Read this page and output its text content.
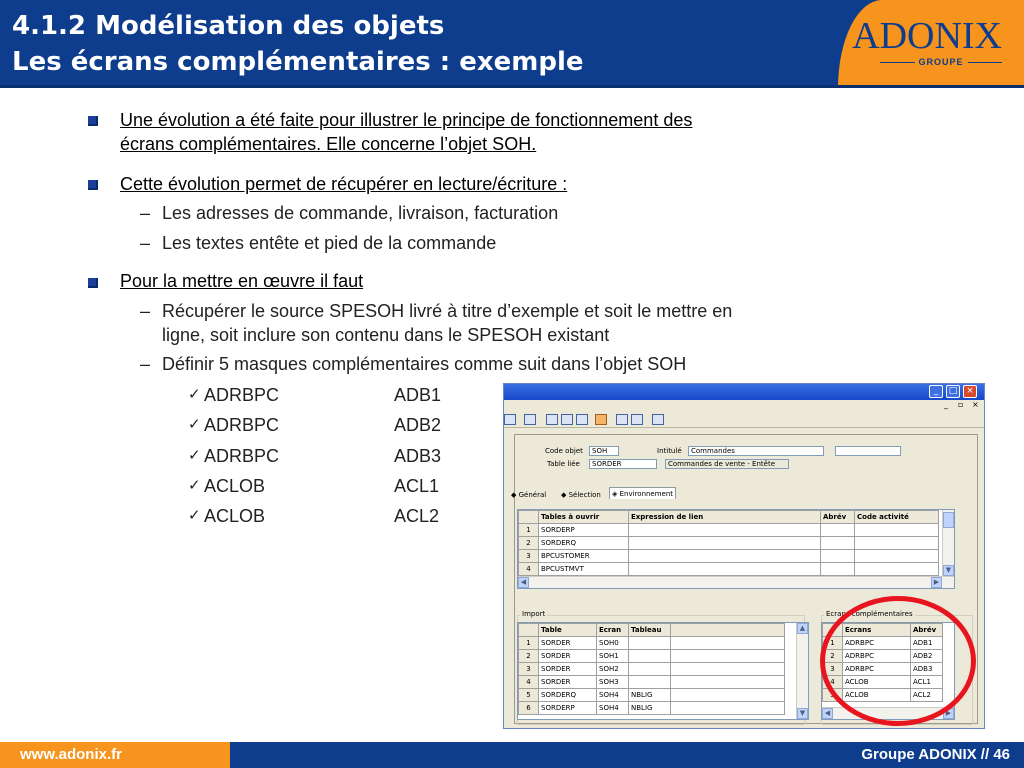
4.1.2 Modélisation des objets
Les écrans complémentaires : exemple
ADONIX
GROUPE
Une évolution a été faite pour illustrer le principe de fonctionnement des
écrans complémentaires. Elle concerne l’objet SOH.
Cette évolution permet de récupérer en lecture/écriture :
– Les adresses de commande, livraison, facturation
– Les textes entête et pied de la commande
Pour la mettre en œuvre il faut
– Récupérer le source SPESOH livré à titre d’exemple et soit le mettre en
ligne, soit inclure son contenu dans le SPESOH existant
– Définir 5 masques complémentaires comme suit dans l’objet SOH
✓ ADRBPC	ADB1
✓ ADRBPC	ADB2
✓ ADRBPC	ADB3
✓ ACLOB	ACL1
✓ ACLOB	ACL2
_	□ ×
_ ▫ ×
Code objet	SOH	Intitulé	Commandes
Table liée	SORDER	Commandes de vente - Entête
◆ Général ◆ Sélection	◈ Environnement
	Tables à ouvrir	Expression de lien	Abrév	Code activité
1	SORDERP			
2	SORDERQ			
3	BPCUSTOMER			
4	BPCUSTMVT			
					▼
◀	▶
Import
	Table	Ecran	Tableau	
1	SORDER	SOH0		
2	SORDER	SOH1		
3	SORDER	SOH2		
4	SORDER	SOH3		
5	SORDERQ	SOH4	NBLIG	
6	SORDERP	SOH4	NBLIG	
▲
▼
Ecrans complémentaires
	Ecrans	Abrév
1	ADRBPC	ADB1
2	ADRBPC	ADB2
3	ADRBPC	ADB3
4	ACLOB	ACL1
5	ACLOB	ACL2
◀	▶
www.adonix.fr	Groupe ADONIX // 46
